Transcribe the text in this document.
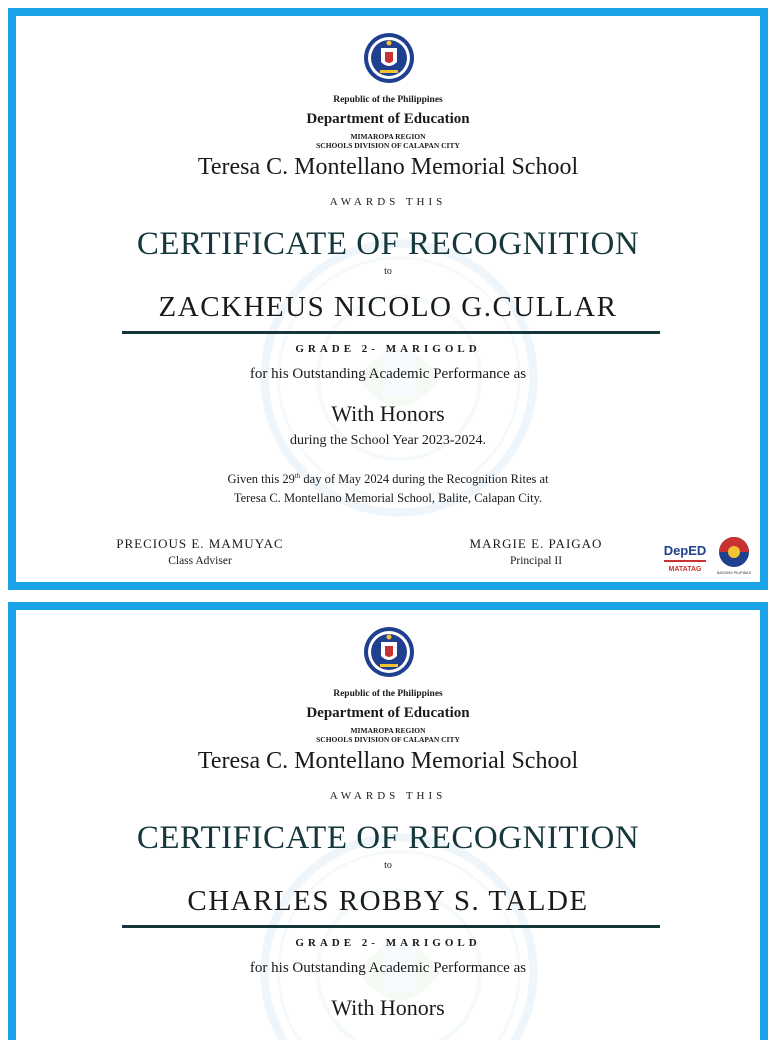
Republic of the Philippines
Department of Education
MIMAROPA REGION
SCHOOLS DIVISION OF CALAPAN CITY
Teresa C. Montellano Memorial School
AWARDS THIS
CERTIFICATE OF RECOGNITION
to
ZACKHEUS NICOLO G.CULLAR
GRADE 2- MARIGOLD
for his Outstanding Academic Performance as
With Honors
during the School Year 2023-2024.
Given this 29th day of May 2024 during the Recognition Rites at
Teresa C. Montellano Memorial School, Balite, Calapan City.
PRECIOUS E. MAMUYAC
Class Adviser
MARGIE E. PAIGAO
Principal II
DepED
MATATAG	BAGONG PILIPINAS
Republic of the Philippines
Department of Education
MIMAROPA REGION
SCHOOLS DIVISION OF CALAPAN CITY
Teresa C. Montellano Memorial School
AWARDS THIS
CERTIFICATE OF RECOGNITION
to
CHARLES ROBBY S. TALDE
GRADE 2- MARIGOLD
for his Outstanding Academic Performance as
With Honors
